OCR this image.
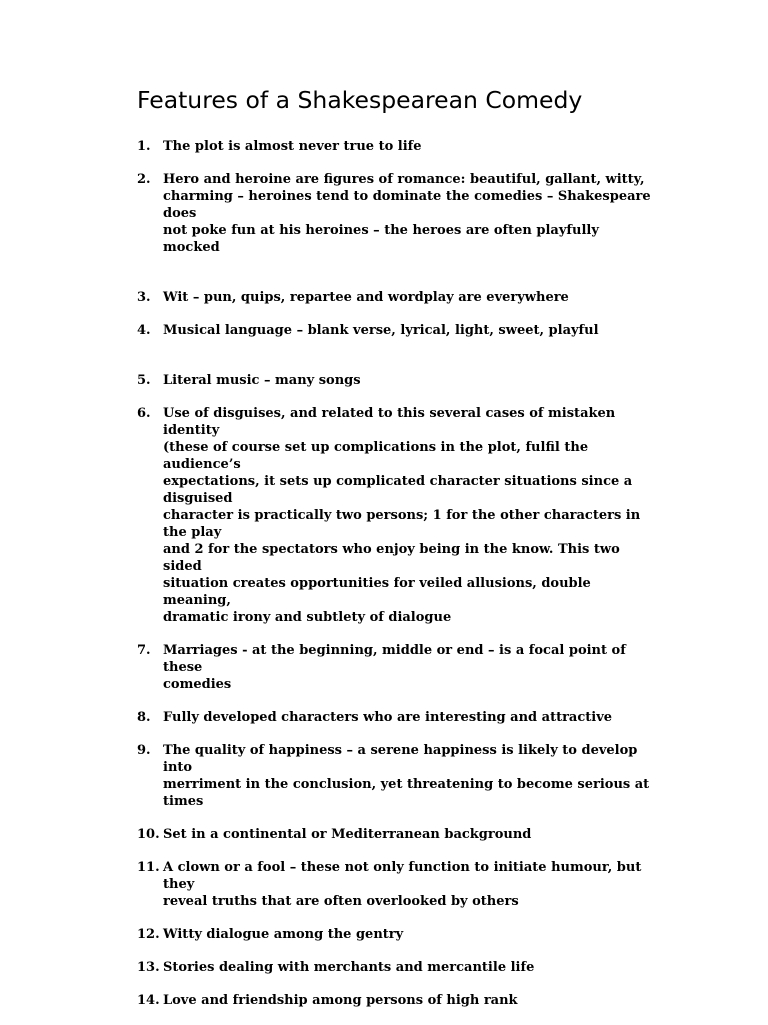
Features of a Shakespearean Comedy
1. The plot is almost never true to life
2. Hero and heroine are figures of romance: beautiful, gallant, witty,
charming – heroines tend to dominate the comedies – Shakespeare does
not poke fun at his heroines – the heroes are often playfully mocked
3. Wit – pun, quips, repartee and wordplay are everywhere
4. Musical language – blank verse, lyrical, light, sweet, playful
5. Literal music – many songs
6. Use of disguises, and related to this several cases of mistaken identity
(these of course set up complications in the plot, fulfil the audience’s
expectations, it sets up complicated character situations since a disguised
character is practically two persons; 1 for the other characters in the play
and 2 for the spectators who enjoy being in the know. This two sided
situation creates opportunities for veiled allusions, double meaning,
dramatic irony and subtlety of dialogue
7. Marriages - at the beginning, middle or end – is a focal point of these
comedies
8. Fully developed characters who are interesting and attractive
9. The quality of happiness – a serene happiness is likely to develop into
merriment in the conclusion, yet threatening to become serious at times
10. Set in a continental or Mediterranean background
11. A clown or a fool – these not only function to initiate humour, but they
reveal truths that are often overlooked by others
12. Witty dialogue among the gentry
13. Stories dealing with merchants and mercantile life
14. Love and friendship among persons of high rank
